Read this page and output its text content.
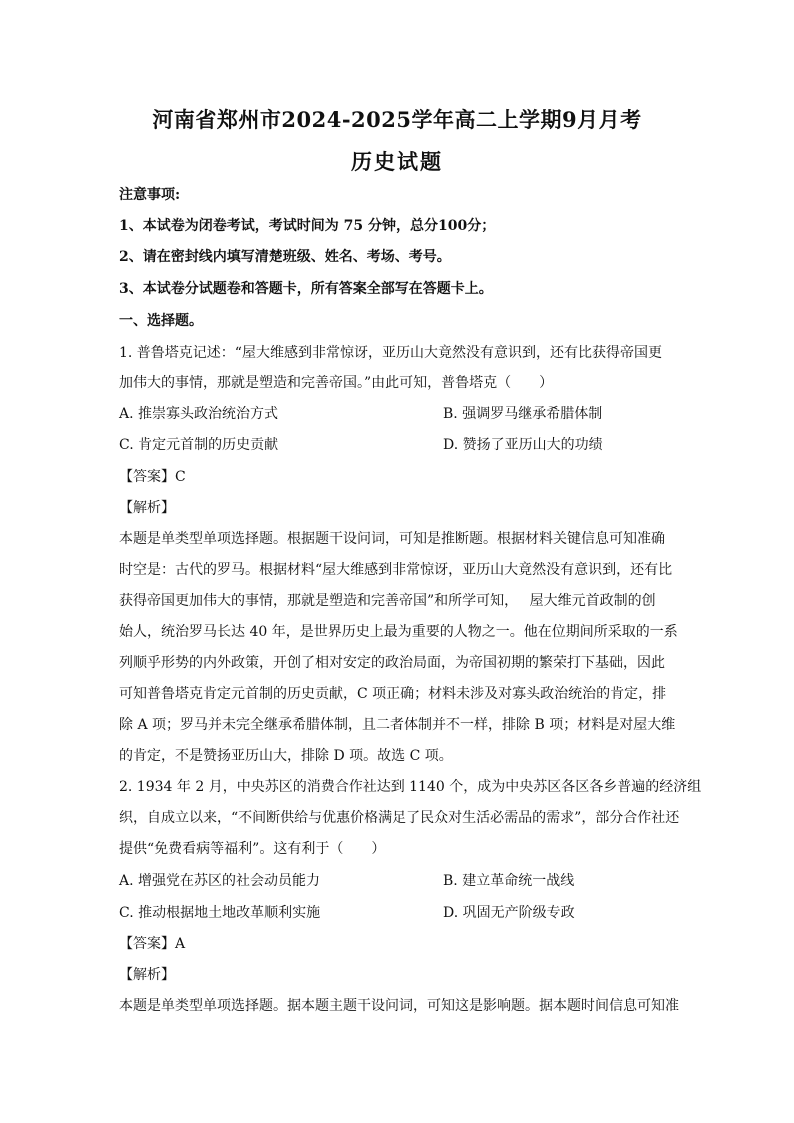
河南省郑州市2024-2025学年高二上学期9月月考
历史试题
注意事项:
1、本试卷为闭卷考试，考试时间为 75 分钟，总分100分；
2、请在密封线内填写清楚班级、姓名、考场、考号。
3、本试卷分试题卷和答题卡，所有答案全部写在答题卡上。
一、选择题。
1. 普鲁塔克记述：“屋大维感到非常惊讶，亚历山大竟然没有意识到，还有比获得帝国更
加伟大的事情，那就是塑造和完善帝国。”由此可知，普鲁塔克（　　）
A. 推崇寡头政治统治方式	B. 强调罗马继承希腊体制
C. 肯定元首制的历史贡献	D. 赞扬了亚历山大的功绩
【答案】C
【解析】
本题是单类型单项选择题。根据题干设问词，可知是推断题。根据材料关键信息可知准确
时空是：古代的罗马。根据材料“屋大维感到非常惊讶，亚历山大竟然没有意识到，还有比
获得帝国更加伟大的事情，那就是塑造和完善帝国”和所学可知，　 屋大维元首政制的创
始人，统治罗马长达 40 年，是世界历史上最为重要的人物之一。他在位期间所采取的一系
列顺乎形势的内外政策，开创了相对安定的政治局面，为帝国初期的繁荣打下基础，因此
可知普鲁塔克肯定元首制的历史贡献，C 项正确；材料未涉及对寡头政治统治的肯定，排
除 A 项；罗马并未完全继承希腊体制，且二者体制并不一样，排除 B 项；材料是对屋大维
的肯定，不是赞扬亚历山大，排除 D 项。故选 C 项。
2. 1934 年 2 月，中央苏区的消费合作社达到 1140 个，成为中央苏区各区各乡普遍的经济组
织，自成立以来，“不间断供给与优惠价格满足了民众对生活必需品的需求”，部分合作社还
提供“免费看病等福利”。这有利于（　　）
A. 增强党在苏区的社会动员能力	B. 建立革命统一战线
C. 推动根据地土地改革顺利实施	D. 巩固无产阶级专政
【答案】A
【解析】
本题是单类型单项选择题。据本题主题干设问词，可知这是影响题。据本题时间信息可知准
